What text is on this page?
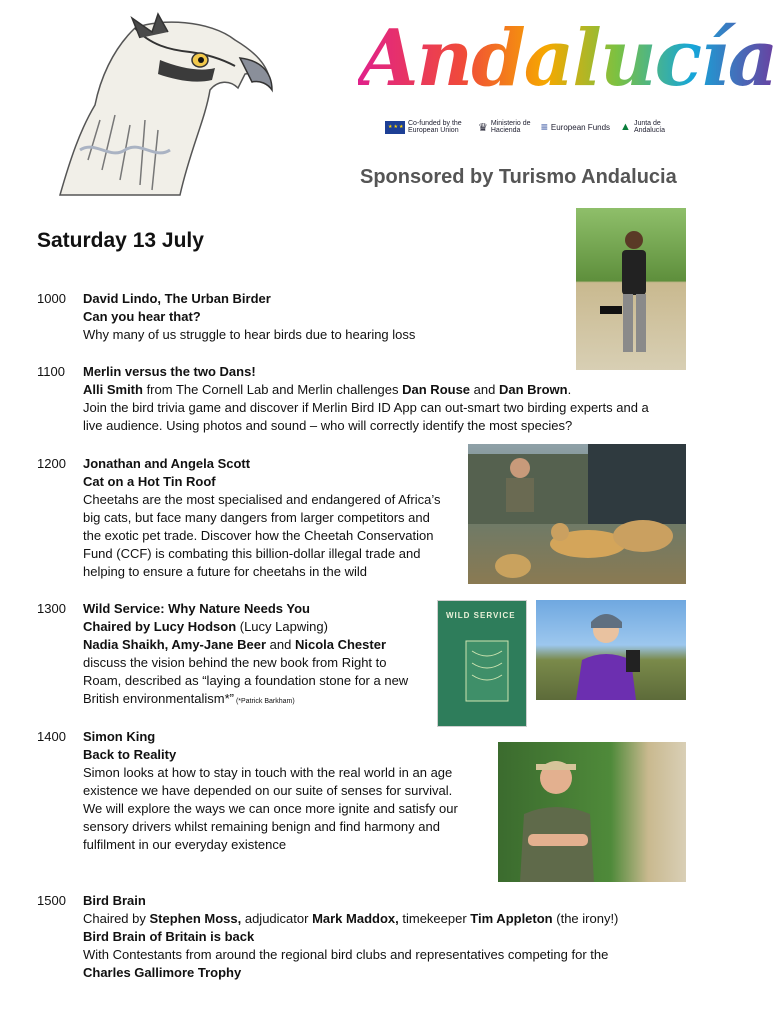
Andalucía
★★★
Co-funded by the European Union	♛ Ministerio de Hacienda	≡ European Funds ▲ Junta de Andalucía
Sponsored by Turismo Andalucia
Saturday 13 July
WILD SERVICE
1000 David Lindo, The Urban Birder
Can you hear that?
Why many of us struggle to hear birds due to hearing loss
1100 Merlin versus the two Dans!
Alli Smith from The Cornell Lab and Merlin challenges Dan Rouse and Dan Brown.
Join the bird trivia game and discover if Merlin Bird ID App can out-smart two birding experts and a
live audience. Using photos and sound – who will correctly identify the most species?
1200 Jonathan and Angela Scott
Cat on a Hot Tin Roof
Cheetahs are the most specialised and endangered of Africa’s
big cats, but face many dangers from larger competitors and
the exotic pet trade. Discover how the Cheetah Conservation
Fund (CCF) is combating this billion-dollar illegal trade and
helping to ensure a future for cheetahs in the wild
1300 Wild Service: Why Nature Needs You
Chaired by Lucy Hodson (Lucy Lapwing)
Nadia Shaikh, Amy-Jane Beer and Nicola Chester
discuss the vision behind the new book from Right to
Roam, described as “laying a foundation stone for a new
British environmentalism*” (*Patrick Barkham)
1400 Simon King
Back to Reality
Simon looks at how to stay in touch with the real world in an age
existence we have depended on our suite of senses for survival.
We will explore the ways we can once more ignite and satisfy our
sensory drivers whilst remaining benign and find harmony and
fulfilment in our everyday existence
1500 Bird Brain
Chaired by Stephen Moss, adjudicator Mark Maddox, timekeeper Tim Appleton (the irony!)
Bird Brain of Britain is back
With Contestants from around the regional bird clubs and representatives competing for the
Charles Gallimore Trophy
